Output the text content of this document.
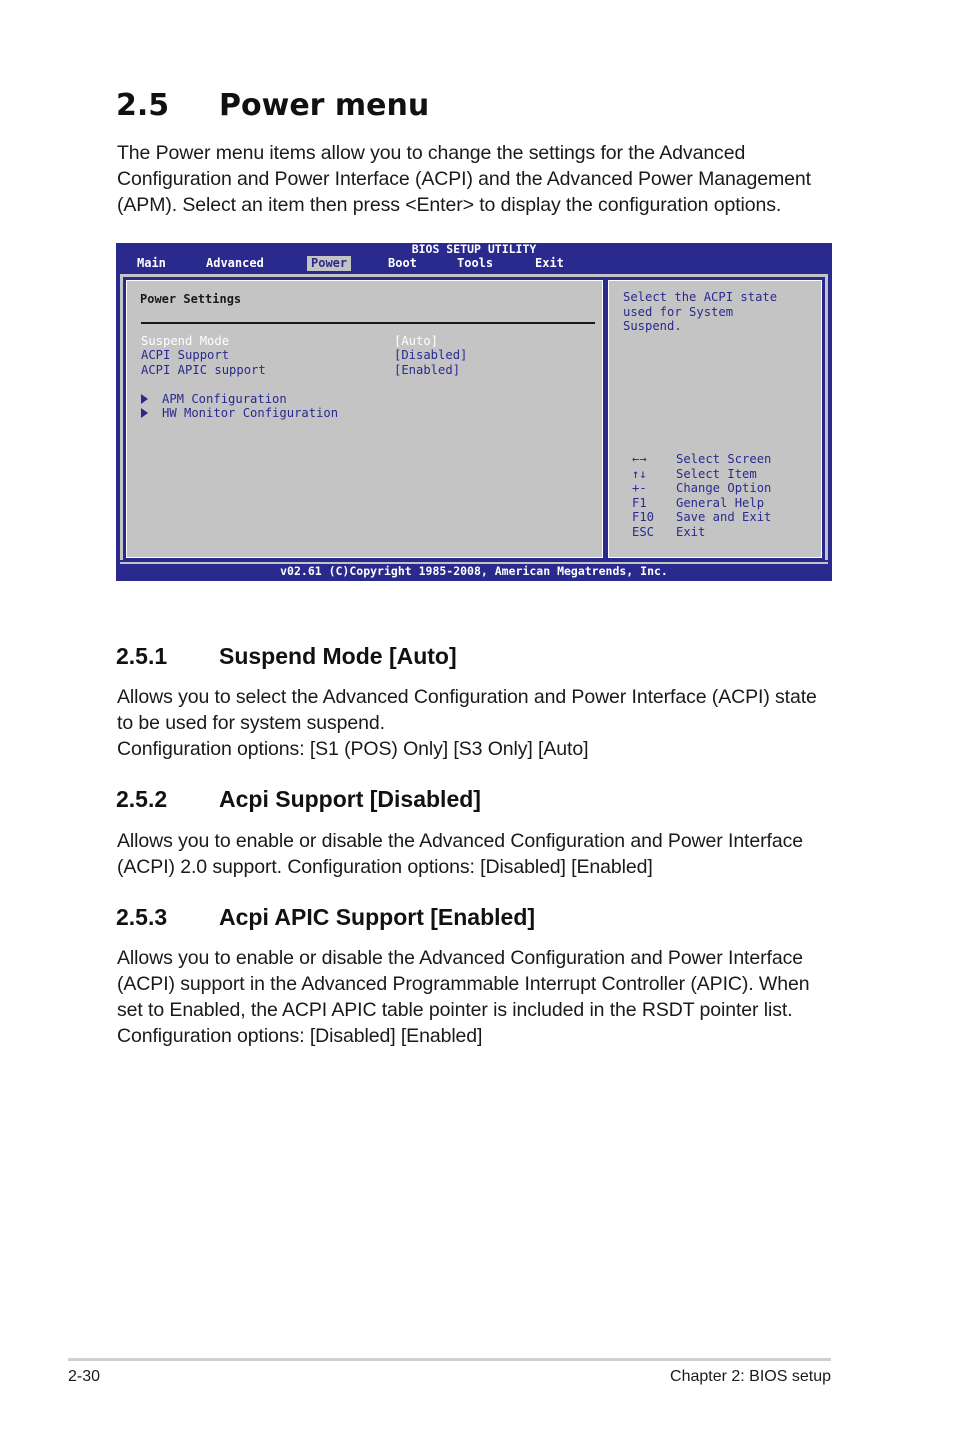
2.5 Power menu
The Power menu items allow you to change the settings for the Advanced
Configuration and Power Interface (ACPI) and the Advanced Power Management
(APM). Select an item then press <Enter> to display the configuration options.
BIOS SETUP UTILITY
Main	Advanced	Power	Boot	Tools	Exit
Power Settings
Suspend Mode	[Auto]
ACPI Support	[Disabled]
ACPI APIC support	[Enabled]
APM Configuration
HW Monitor Configuration
Select the ACPI state
used for System
Suspend.
←→ Select Screen
↑↓ Select Item
+- Change Option
F1 General Help
F10 Save and Exit
ESC Exit
v02.61 (C)Copyright 1985-2008, American Megatrends, Inc.
2.5.1 Suspend Mode [Auto]
Allows you to select the Advanced Configuration and Power Interface (ACPI) state
to be used for system suspend.
Configuration options: [S1 (POS) Only] [S3 Only] [Auto]
2.5.2 Acpi Support [Disabled]
Allows you to enable or disable the Advanced Configuration and Power Interface
(ACPI) 2.0 support. Configuration options: [Disabled] [Enabled]
2.5.3 Acpi APIC Support [Enabled]
Allows you to enable or disable the Advanced Configuration and Power Interface
(ACPI) support in the Advanced Programmable Interrupt Controller (APIC). When
set to Enabled, the ACPI APIC table pointer is included in the RSDT pointer list.
Configuration options: [Disabled] [Enabled]
2-30	Chapter 2: BIOS setup
